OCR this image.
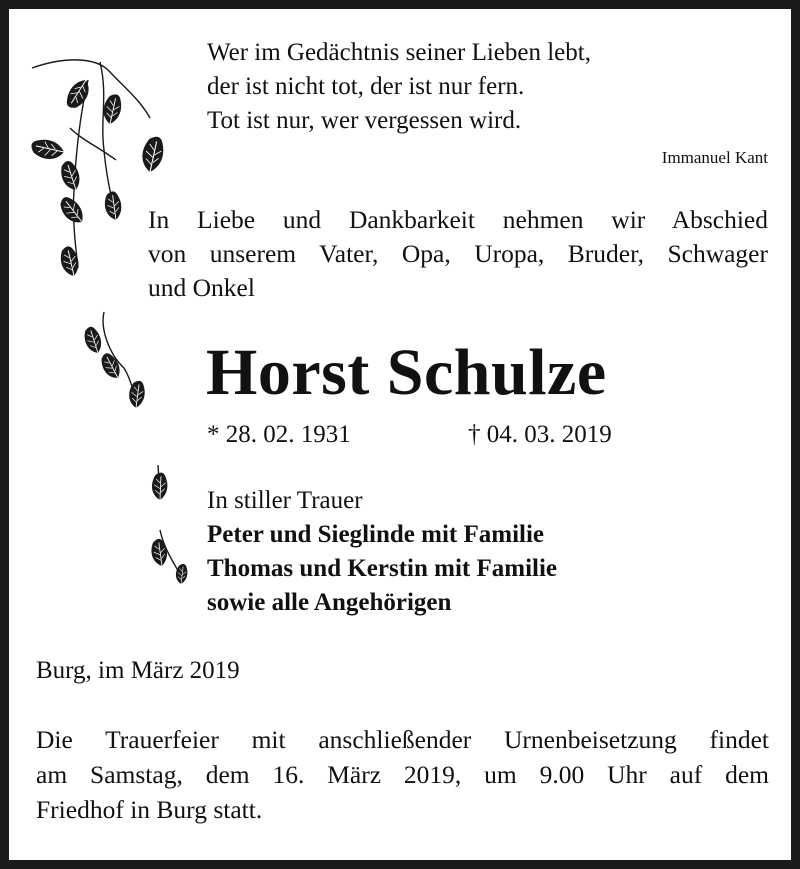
Wer im Gedächtnis seiner Lieben lebt,
der ist nicht tot, der ist nur fern.
Tot ist nur, wer vergessen wird.
Immanuel Kant
In Liebe und Dankbarkeit nehmen wir Abschied
von unserem Vater, Opa, Uropa, Bruder, Schwager
und Onkel
Horst Schulze
* 28. 02. 1931	† 04. 03. 2019
In stiller Trauer
Peter und Sieglinde mit Familie
Thomas und Kerstin mit Familie
sowie alle Angehörigen
Burg, im März 2019
Die Trauerfeier mit anschließender Urnenbeisetzung findet
am Samstag, dem 16. März 2019, um 9.00 Uhr auf dem
Friedhof in Burg statt.
